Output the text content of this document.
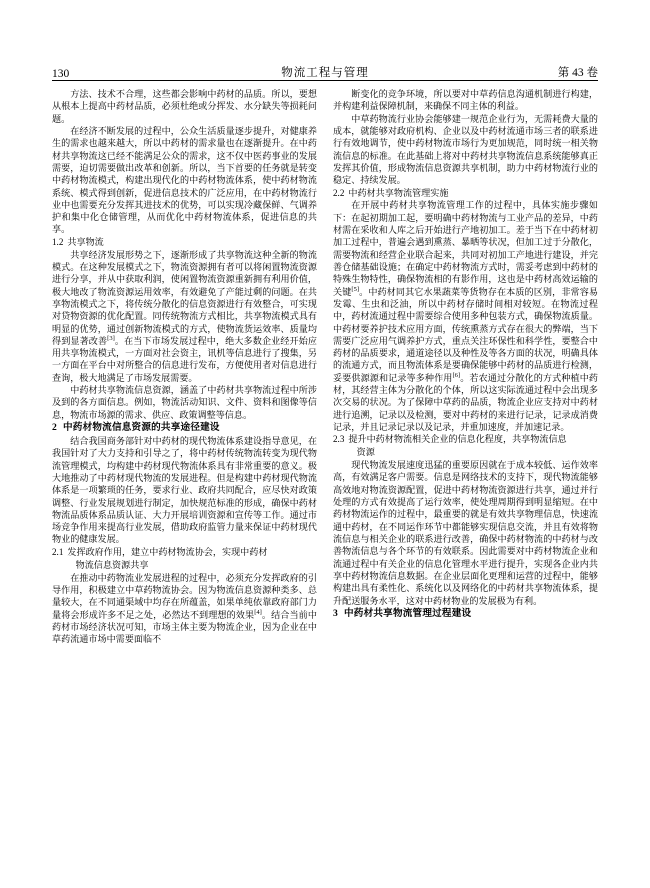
130	物流工程与管理	第 43 卷

方法、技术不合理，这些都会影响中药材的品质。所以，要想从根本上提高中药材品质，必须杜绝或分挥发、水分缺失等损耗问题。

在经济不断发展的过程中，公众生活质量逐步提升，对健康养生的需求也越来越大，所以中药材的需求量也在逐渐提升。在中药材共享物流这已经不能满足公众的需求，这不仅中医药事业的发展需要，迫切需要做出改革和创新。所以，当下首要的任务就是转变中药材物流模式，构建出现代化的中药材物流体系，使中药材物流系统、模式得到创新，促进信息技术的广泛应用，在中药材物流行业中也需要充分发挥其进技术的优势，可以实现冷藏保鲜、气调养护和集中化仓储管理，从而优化中药材物流体系，促进信息的共享。

1.2 共享物流

共享经济发展形势之下，逐渐形成了共享物流这种全新的物流模式。在这种发展模式之下，物流资源拥有者可以将闲置物流资源进行分享，并从中获取利润，使闲置物流资源重新拥有利用价值，极大地改了物流资源运用效率，有效避免了产能过剩的问题。在共享物流模式之下，将传统分散化的信息资源进行有效整合，可实现对贷物资源的优化配置。同传统物流方式相比，共享物流模式具有明显的优势，通过创新物流模式的方式，使物流货运效率、质量均得到显著改善[3]。在当下市场发展过程中，绝大多数企业经开始应用共享物流模式，一方面对社会资主，讯机等信息进行了搜集，另一方面在平台中对所整合的信息进行发布，方便使用者对信息进行查询，极大地满足了市场发展需要。

中药材共享物流信息资源，涵盖了中药材共享物流过程中所涉及到的各方面信息。例如，物流活动知识、文件、资料和图像等信息，物流市场源的需求、供应、政策调整等信息。

2 中药材物流信息资源的共享途径建设

结合我国商务部针对中药材的现代物流体系建设指导意见，在我国针对了大力支持和引导之了，将中药材传统物流转变为现代物流管理模式，均构建中药材现代物流体系具有非常重要的意义。极大地推动了中药材现代物流的发展进程。但是构建中药材现代物流体系是一项繁琐的任务，要求行业、政府共同配合，应尽快对政策调整、行业发展规划进行制定，加快规范标准的形成，确保中药材物流品质体系品质认证、大力开展培训资源和宣传等工作。通过市场竞争作用来提高行业发展，借助政府监管力量来保证中药材现代物业的健康发展。

2.1 发挥政府作用，建立中药材物流协会，实现中药材

物流信息资源共享

在推动中药物流业发展进程的过程中，必须充分发挥政府的引导作用，积极建立中草药物流协会。因为物流信息资源种类多、总量较大，在不同通渠域中均存在所蕴盖，如果单纯依靠政府部门力量将会形成许多不足之处，必然达不到理想的效果[4]。结合当前中药材市场经济状况可知，市场主体主要为物流企业，因为企业在中草药流通市场中需要面临不

断变化的竞争环境，所以要对中草药信息沟通机制进行构建，并构建利益保障机制，来确保不同主体的利益。

中草药物流行业协会能够建一规范企业行为，无需耗费大量的成本，就能够对政府机构、企业以及中药材流通市场三者的联系进行有效地调节，使中药材物流市场行为更加规范，同时统一相关物流信息的标准。在此基础上将对中药材共享物流信息系统能够真正发挥其价值，形成物流信息资源共享机制，助力中药材物流行业的稳定、持续发展。

2.2 中药材共享物流管理实施

在开展中药材共享物流管理工作的过程中，具体实施步骤如下：在起初期加工起，要明确中药材物流与工业产品的差异，中药材需在采收和人库之后开始进行产地初加工。差于当下在中药材初加工过程中，普遍会遇到熏蒸、暴晒等状况，但加工过于分散化，需要物流和经营企业联合起来，共同对初加工产地进行建设，并完善仓储基础设施；在确定中药材物流方式时，需妥考虑到中药材的特殊生物特性，确保物流相的有影作用，这也是中药材高效运输的关键[5]。中药材同其它水果蔬菜等货物存在本质的区别，非常容易发霉、生虫和泛油，所以中药材存储时间相对较短。在物流过程中，药材流通过程中需要综合使用多种包装方式，确保物流质量。中药材要养护技术应用方面，传统熏蒸方式存在很大的弊端，当下需要广泛应用气调养护方式，重点关注环保性和科学性，要整合中药材的品质要求，通道途径以及种性及等各方面的状况，明确具体的流通方式，而且物流体系是要确保能够中药材的品质进行检测，妥要供源源和记录等多种作用[6]。若农通过分散化的方式种植中药材，其经营主体为分散化的个体，所以这实际流通过程中会出现多次交易的状况。为了保障中草药的品质，物流企业应支持对中药材进行追溯，记录以及检测，要对中药材的来进行记录，记录成消费记录，并且记录记录以及记录，并重加速度，并加速记录。

2.3 提升中药材物流相关企业的信息化程度，共享物流信息

资源

现代物流发展速度迅猛的重要原因就在于成本较低、运作效率高，有效满足客户需要。信息是网络技术的支持下，现代物流能够高效地对物流资源配置，促进中药材物流资源进行共享，通过并行处理的方式有效提高了运行效率，使处理周期得到明显缩短。在中药材物流运作的过程中，最重要的就是有效共享物理信息，快速流通中药材，在不同运作环节中都能够实现信息交流，并且有效将物流信息与相关企业的联系进行改善，确保中药材物流的中药材与改善物流信息与各个环节的有效联系。因此需要对中药材物流企业和流通过程中有关企业的信息化管理水平进行提升，实现各企业内共享中药材物流信息数据。在企业层面化更理和运营的过程中，能够构建出具有柔性化、系统化以及网络化的中药材共享物流体系，提升配送服务水平，这对中药材物业的发展极为有利。

3 中药材共享物流管理过程建设
